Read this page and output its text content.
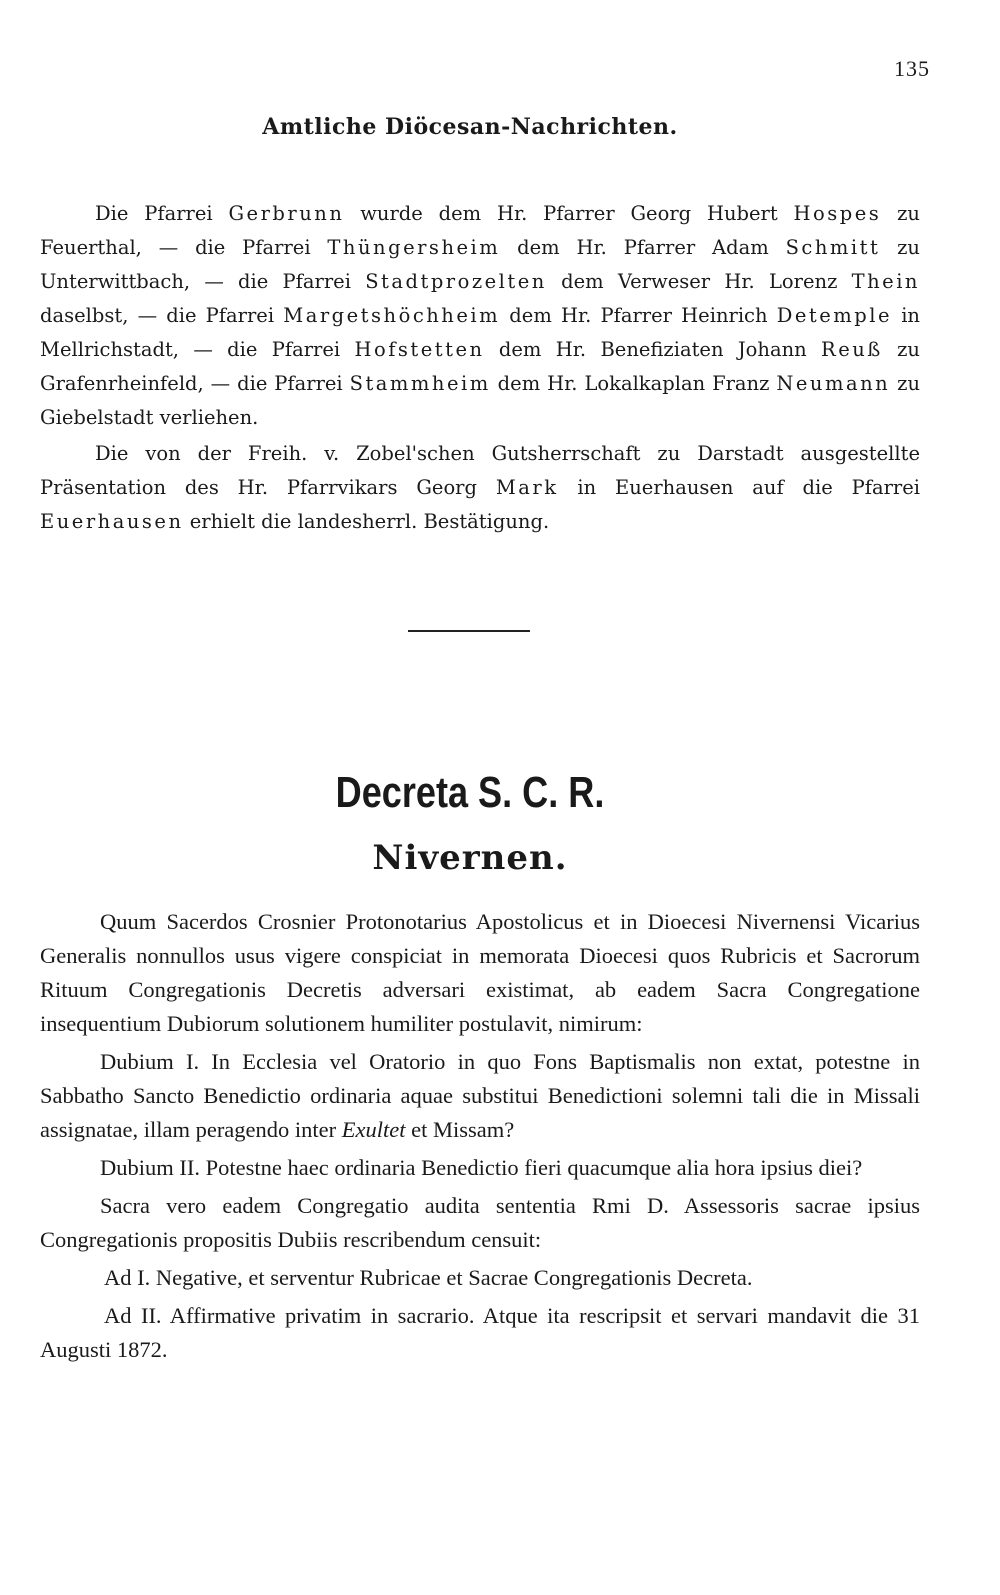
135
Amtliche Diöcesan-Nachrichten.

Die Pfarrei Gerbrunn wurde dem Hr. Pfarrer Georg Hubert Hospes zu Feuerthal, — die Pfarrei Thüngersheim dem Hr. Pfarrer Adam Schmitt zu Unterwittbach, — die Pfarrei Stadtprozelten dem Verweser Hr. Lorenz Thein daselbst, — die Pfarrei Margetshöchheim dem Hr. Pfarrer Heinrich Detemple in Mellrichstadt, — die Pfarrei Hofstetten dem Hr. Benefiziaten Johann Reuß zu Grafenrheinfeld, — die Pfarrei Stammheim dem Hr. Lokalkaplan Franz Neumann zu Giebelstadt verliehen.

Die von der Freih. v. Zobel'schen Gutsherrschaft zu Darstadt ausgestellte Präsentation des Hr. Pfarrvikars Georg Mark in Euerhausen auf die Pfarrei Euerhausen erhielt die landesherrl. Bestätigung.

Decreta S. C. R.
Nivernen.

Quum Sacerdos Crosnier Protonotarius Apostolicus et in Dioecesi Nivernensi Vicarius Generalis nonnullos usus vigere conspiciat in memorata Dioecesi quos Rubricis et Sacrorum Rituum Congregationis Decretis adversari existimat, ab eadem Sacra Congregatione insequentium Dubiorum solutionem humiliter postulavit, nimirum:

Dubium I. In Ecclesia vel Oratorio in quo Fons Baptismalis non extat, potestne in Sabbatho Sancto Benedictio ordinaria aquae substitui Benedictioni solemni tali die in Missali assignatae, illam peragendo inter Exultet et Missam?

Dubium II. Potestne haec ordinaria Benedictio fieri quacumque alia hora ipsius diei?

Sacra vero eadem Congregatio audita sententia Rmi D. Assessoris sacrae ipsius Congregationis propositis Dubiis rescribendum censuit:

Ad I. Negative, et serventur Rubricae et Sacrae Congregationis Decreta.

Ad II. Affirmative privatim in sacrario. Atque ita rescripsit et servari mandavit die 31 Augusti 1872.
